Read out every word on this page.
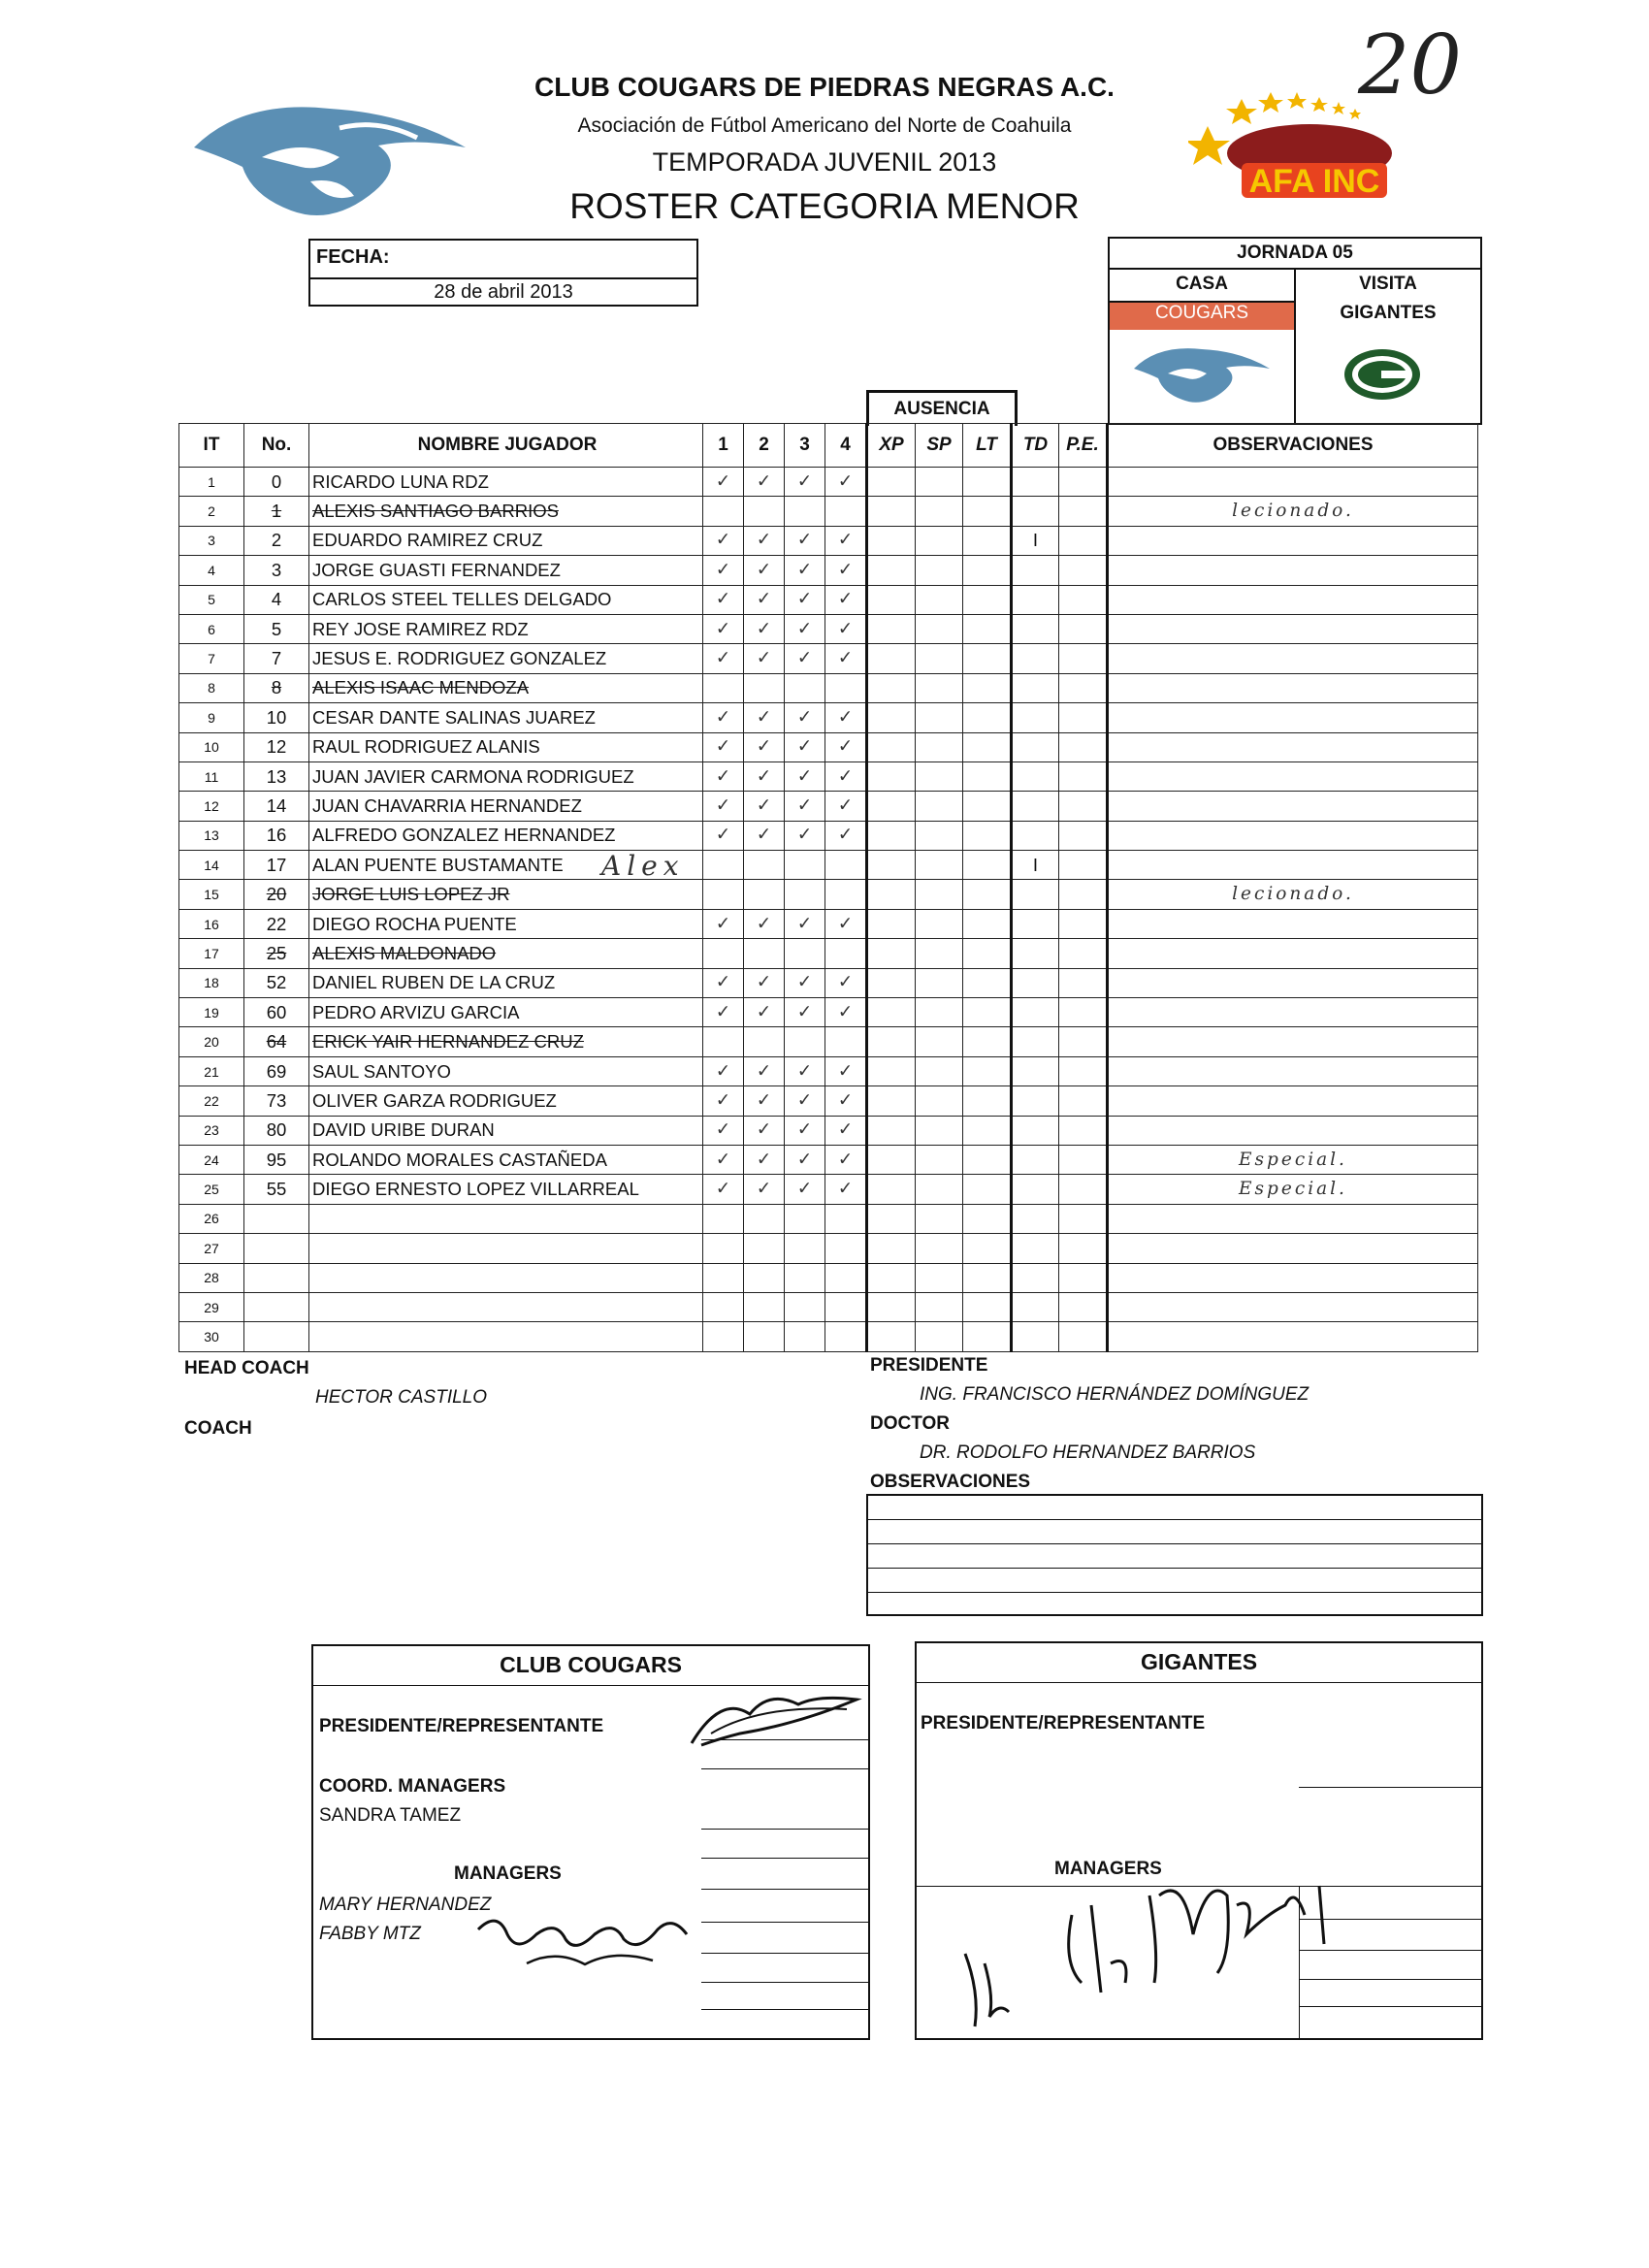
20
AFA INC
CLUB COUGARS DE PIEDRAS NEGRAS A.C.
Asociación de Fútbol Americano del Norte de Coahuila
TEMPORADA JUVENIL 2013
ROSTER CATEGORIA MENOR
FECHA:
28 de abril 2013
JORNADA 05
CASA	VISITA
COUGARS	GIGANTES
AUSENCIA
IT	No.	NOMBRE JUGADOR	1	2	3	4	XP	SP	LT	TD	P.E.	OBSERVACIONES
1	0	RICARDO LUNA RDZ	✓	✓	✓	✓						
2	1	ALEXIS SANTIAGO BARRIOS										lecionado.
3	2	EDUARDO RAMIREZ CRUZ	✓	✓	✓	✓				I		
4	3	JORGE GUASTI FERNANDEZ	✓	✓	✓	✓						
5	4	CARLOS STEEL TELLES DELGADO	✓	✓	✓	✓						
6	5	REY JOSE RAMIREZ RDZ	✓	✓	✓	✓						
7	7	JESUS E. RODRIGUEZ GONZALEZ	✓	✓	✓	✓						
8	8	ALEXIS ISAAC MENDOZA										
9	10	CESAR DANTE SALINAS JUAREZ	✓	✓	✓	✓						
10	12	RAUL RODRIGUEZ ALANIS	✓	✓	✓	✓						
11	13	JUAN JAVIER CARMONA RODRIGUEZ	✓	✓	✓	✓						
12	14	JUAN CHAVARRIA HERNANDEZ	✓	✓	✓	✓						
13	16	ALFREDO GONZALEZ HERNANDEZ	✓	✓	✓	✓						
14	17	ALAN PUENTE BUSTAMANTE								I		
15	20	JORGE LUIS LOPEZ JR										lecionado.
16	22	DIEGO ROCHA PUENTE	✓	✓	✓	✓						
17	25	ALEXIS MALDONADO										
18	52	DANIEL RUBEN DE LA CRUZ	✓	✓	✓	✓						
19	60	PEDRO ARVIZU GARCIA	✓	✓	✓	✓						
20	64	ERICK YAIR HERNANDEZ CRUZ										
21	69	SAUL SANTOYO	✓	✓	✓	✓						
22	73	OLIVER GARZA RODRIGUEZ	✓	✓	✓	✓						
23	80	DAVID URIBE DURAN	✓	✓	✓	✓						
24	95	ROLANDO MORALES CASTAÑEDA	✓	✓	✓	✓						Especial.
25	55	DIEGO ERNESTO LOPEZ VILLARREAL	✓	✓	✓	✓						Especial.
26												
27												
28												
29												
30												
Alex
HEAD COACH
HECTOR CASTILLO
COACH
PRESIDENTE
ING. FRANCISCO HERNÁNDEZ DOMÍNGUEZ
DOCTOR
DR. RODOLFO HERNANDEZ BARRIOS
OBSERVACIONES
CLUB COUGARS
PRESIDENTE/REPRESENTANTE
COORD. MANAGERS
SANDRA TAMEZ
MANAGERS
MARY HERNANDEZ
FABBY MTZ
GIGANTES
PRESIDENTE/REPRESENTANTE
MANAGERS
